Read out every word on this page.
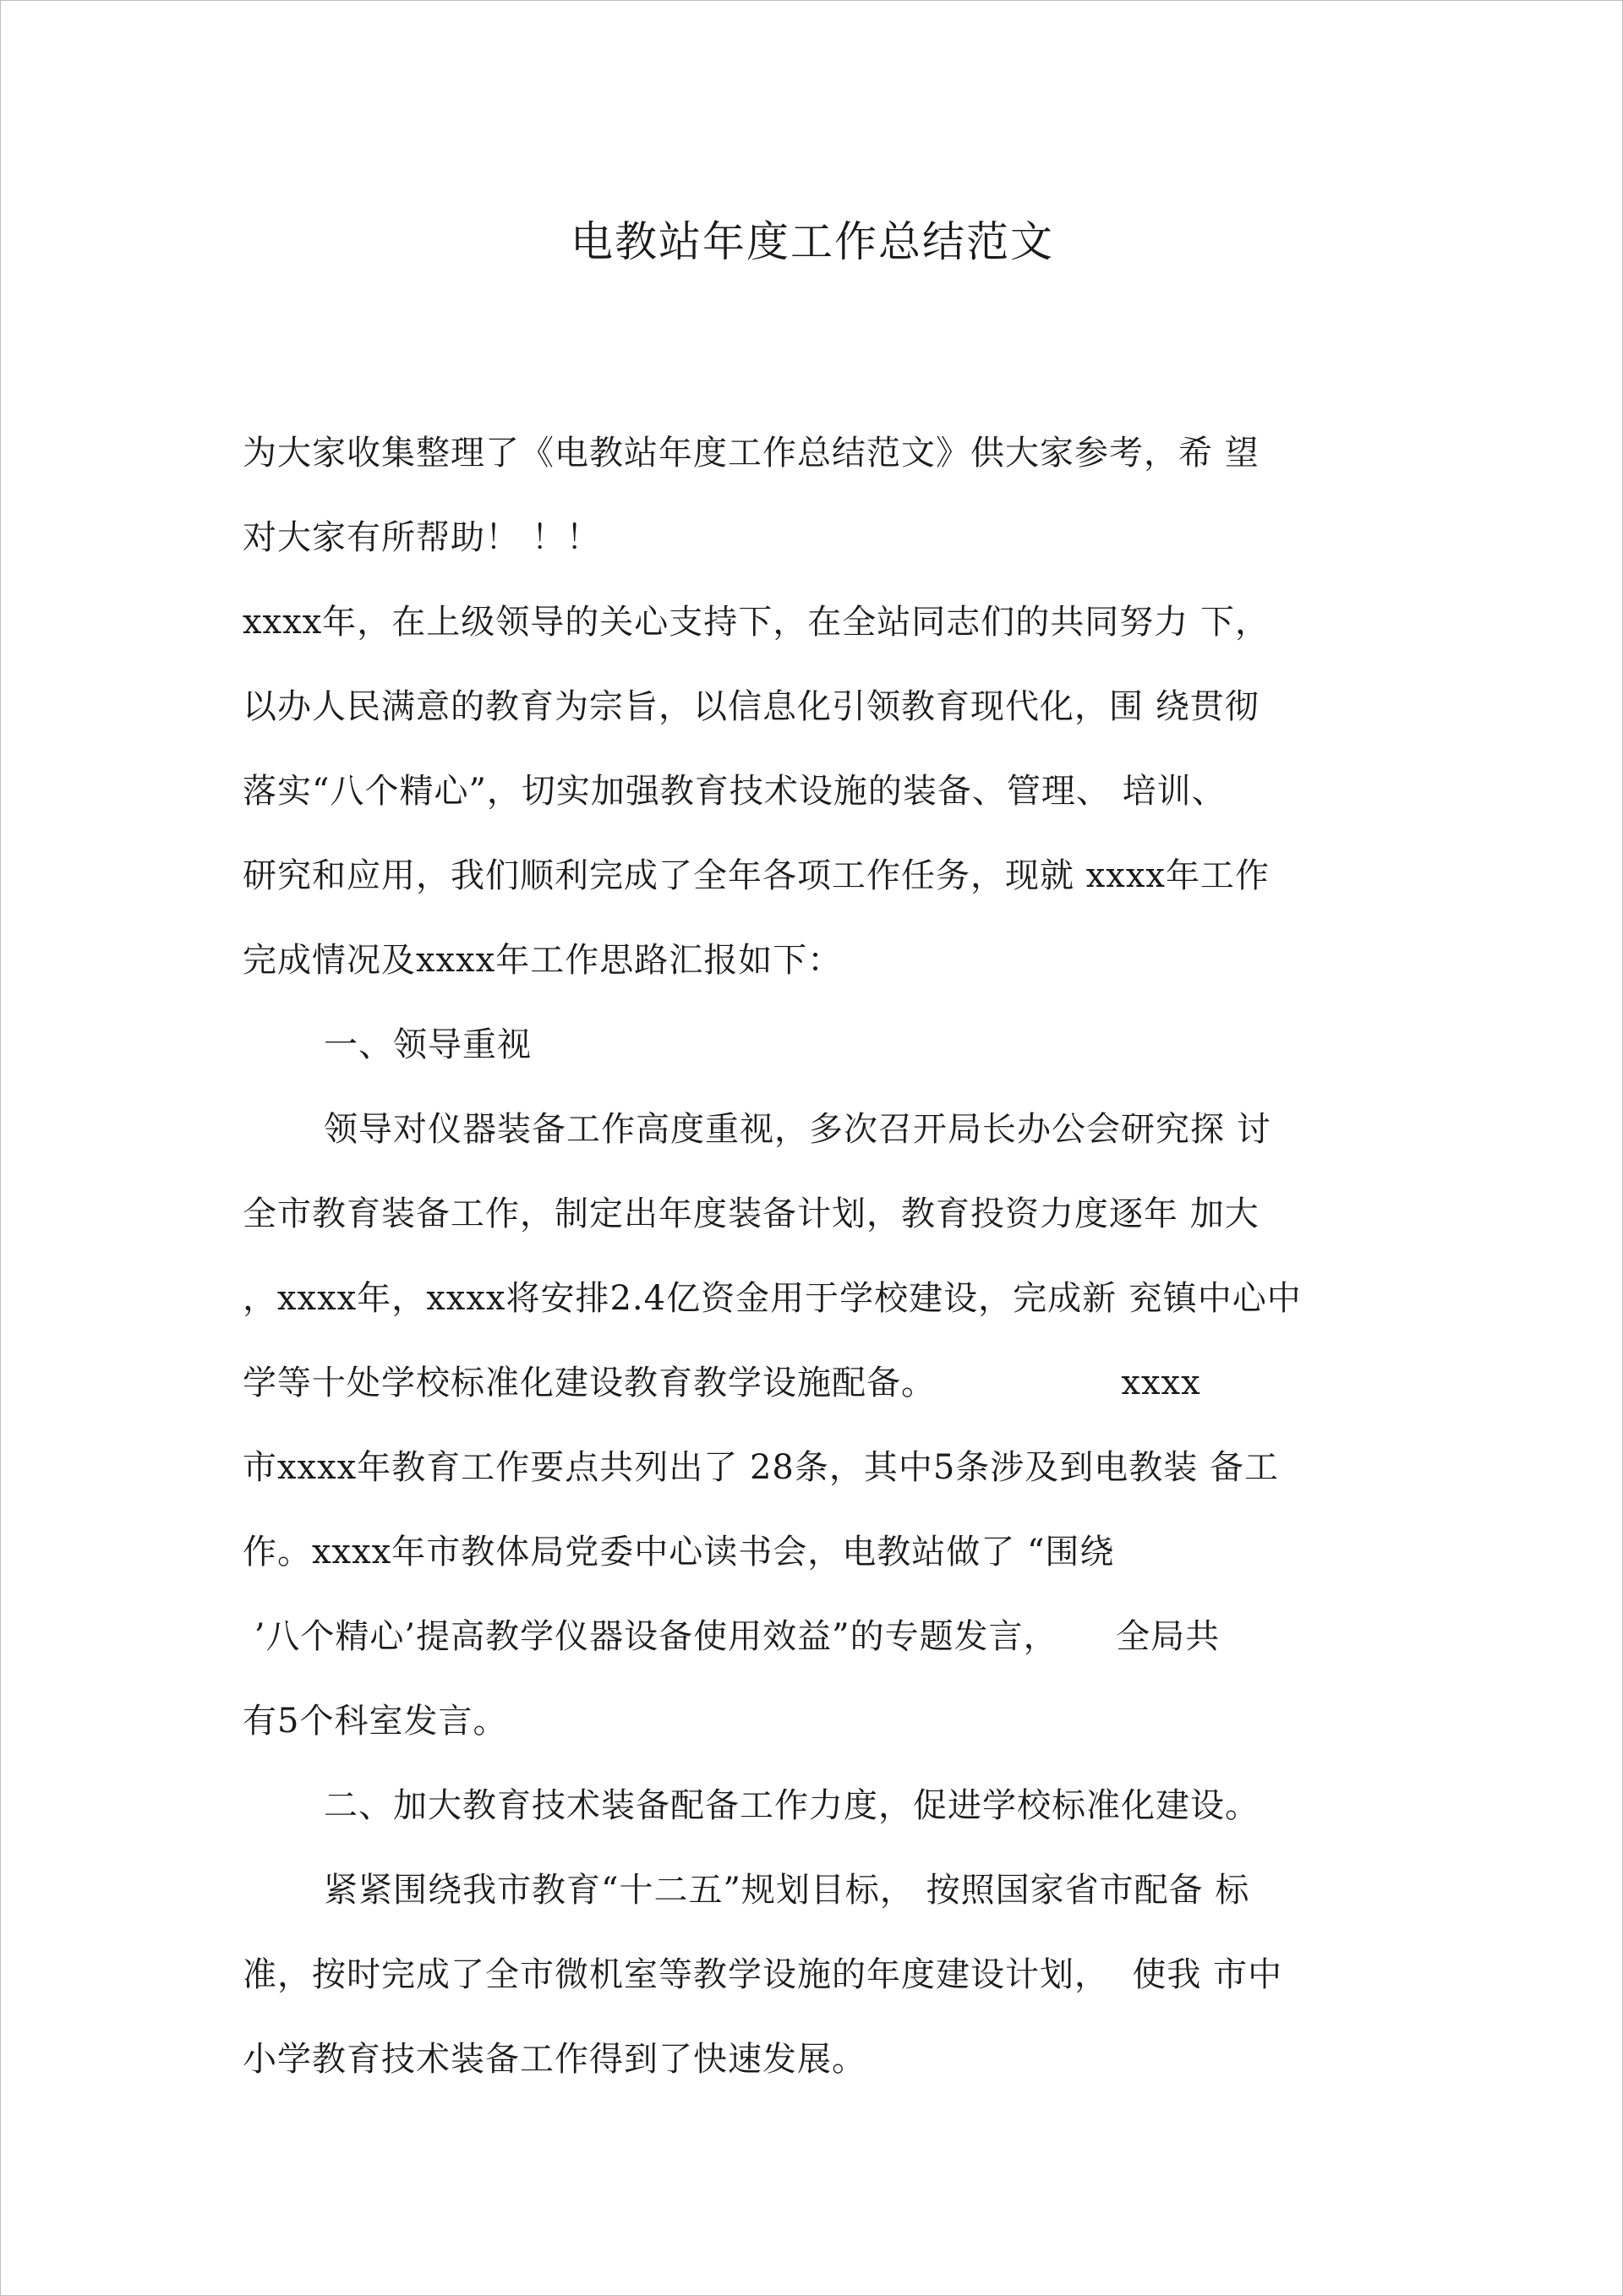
电教站年度工作总结范文
为大家收集整理了《电教站年度工作总结范文》供大家参考，希 望
对大家有所帮助！ ！！
xxxx年，在上级领导的关心支持下，在全站同志们的共同努力 下，
以办人民满意的教育为宗旨，以信息化引领教育现代化，围 绕贯彻
落实“八个精心”，切实加强教育技术设施的装备、管理、 培训、
研究和应用，我们顺利完成了全年各项工作任务，现就 xxxx年工作
完成情况及xxxx年工作思路汇报如下：
一、领导重视
领导对仪器装备工作高度重视，多次召开局长办公会研究探 讨
全市教育装备工作，制定出年度装备计划，教育投资力度逐年 加大
，xxxx年，xxxx将安排2.4亿资金用于学校建设，完成新 兖镇中心中
学等十处学校标准化建设教育教学设施配备。                xxxx
市xxxx年教育工作要点共列出了 28条，其中5条涉及到电教装 备工
作。xxxx年市教体局党委中心读书会，电教站做了 “围绕
’八个精心’提高教学仪器设备使用效益”的专题发言，     全局共
有5个科室发言。
二、加大教育技术装备配备工作力度，促进学校标准化建设。
紧紧围绕我市教育“十二五”规划目标， 按照国家省市配备 标
准，按时完成了全市微机室等教学设施的年度建设计划，  使我 市中
小学教育技术装备工作得到了快速发展。
